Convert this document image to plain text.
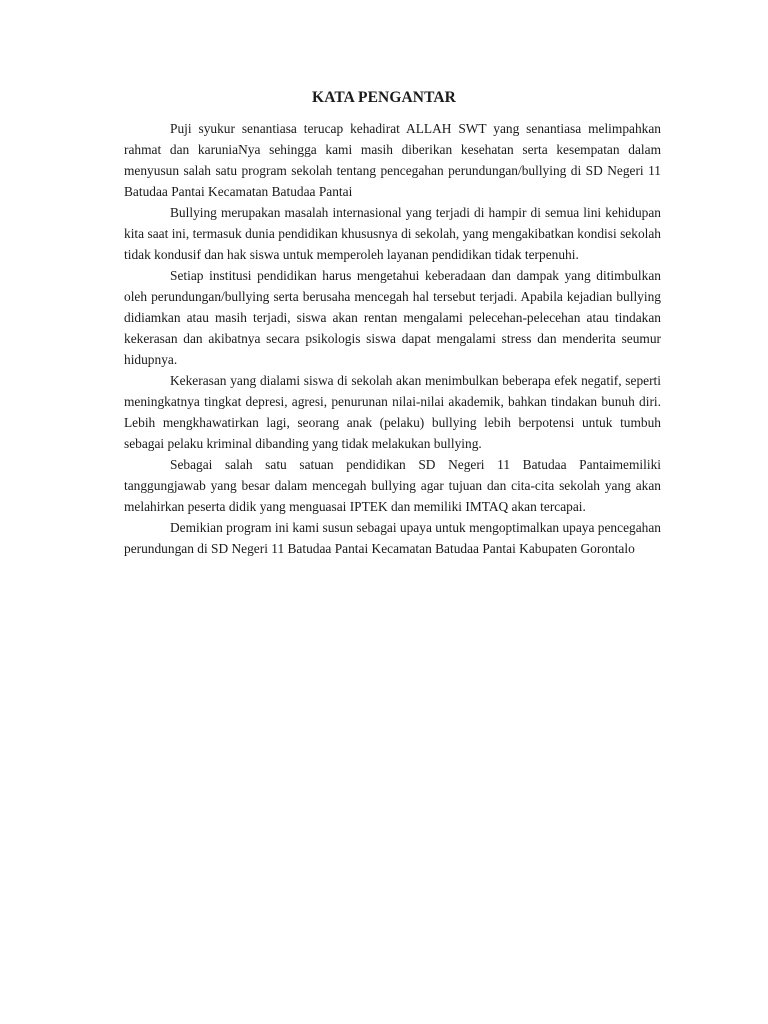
KATA PENGANTAR

Puji syukur senantiasa terucap kehadirat ALLAH SWT yang senantiasa melimpahkan rahmat dan karuniaNya sehingga kami masih diberikan kesehatan serta kesempatan dalam menyusun salah satu program sekolah tentang pencegahan perundungan/bullying di SD Negeri 11 Batudaa Pantai Kecamatan Batudaa Pantai

Bullying merupakan masalah internasional yang terjadi di hampir di semua lini kehidupan kita saat ini, termasuk dunia pendidikan khususnya di sekolah, yang mengakibatkan kondisi sekolah tidak kondusif dan hak siswa untuk memperoleh layanan pendidikan tidak terpenuhi.

Setiap institusi pendidikan harus mengetahui keberadaan dan dampak yang ditimbulkan oleh perundungan/bullying serta berusaha mencegah hal tersebut terjadi. Apabila kejadian bullying didiamkan atau masih terjadi, siswa akan rentan mengalami pelecehan-pelecehan atau tindakan kekerasan dan akibatnya secara psikologis siswa dapat mengalami stress dan menderita seumur hidupnya.

Kekerasan yang dialami siswa di sekolah akan menimbulkan beberapa efek negatif, seperti meningkatnya tingkat depresi, agresi, penurunan nilai-nilai akademik, bahkan tindakan bunuh diri. Lebih mengkhawatirkan lagi, seorang anak (pelaku) bullying lebih berpotensi untuk tumbuh sebagai pelaku kriminal dibanding yang tidak melakukan bullying.

Sebagai salah satu satuan pendidikan SD Negeri 11 Batudaa Pantaimemiliki tanggungjawab yang besar dalam mencegah bullying agar tujuan dan cita-cita sekolah yang akan melahirkan peserta didik yang menguasai IPTEK dan memiliki IMTAQ akan tercapai.

Demikian program ini kami susun sebagai upaya untuk mengoptimalkan upaya pencegahan perundungan di SD Negeri 11 Batudaa Pantai Kecamatan Batudaa Pantai Kabupaten Gorontalo
